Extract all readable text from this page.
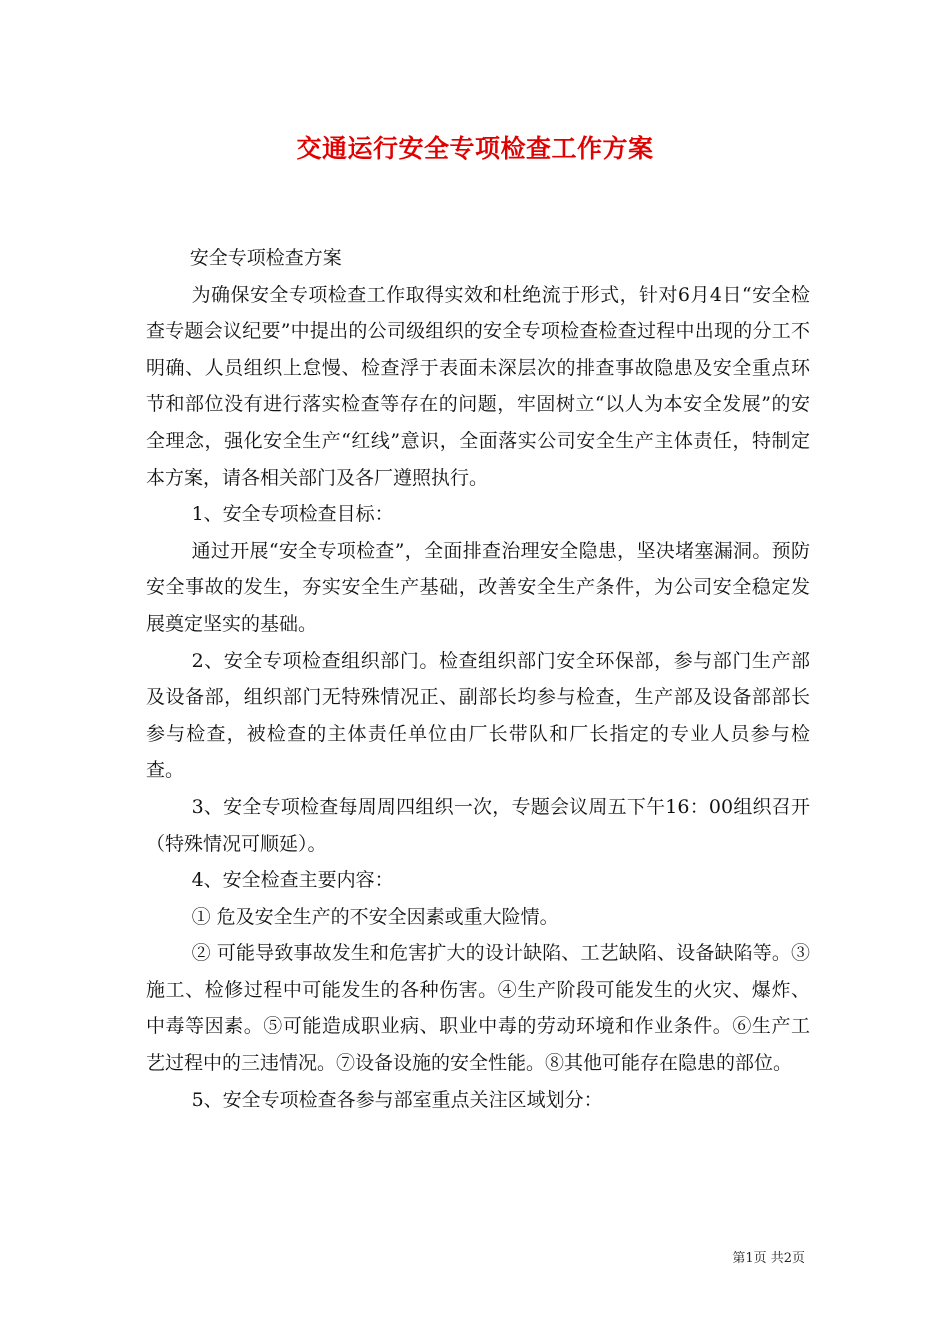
交通运行安全专项检查工作方案

安全专项检查方案

为确保安全专项检查工作取得实效和杜绝流于形式，针对6月4日“安全检查专题会议纪要”中提出的公司级组织的安全专项检查检查过程中出现的分工不明确、人员组织上怠慢、检查浮于表面未深层次的排查事故隐患及安全重点环节和部位没有进行落实检查等存在的问题，牢固树立“以人为本安全发展”的安全理念，强化安全生产“红线”意识，全面落实公司安全生产主体责任，特制定本方案，请各相关部门及各厂遵照执行。

1、安全专项检查目标：

通过开展“安全专项检查”，全面排查治理安全隐患，坚决堵塞漏洞。预防安全事故的发生，夯实安全生产基础，改善安全生产条件，为公司安全稳定发展奠定坚实的基础。

2、安全专项检查组织部门。检查组织部门安全环保部，参与部门生产部及设备部，组织部门无特殊情况正、副部长均参与检查，生产部及设备部部长参与检查，被检查的主体责任单位由厂长带队和厂长指定的专业人员参与检查。

3、安全专项检查每周周四组织一次，专题会议周五下午16：00组织召开（特殊情况可顺延）。

4、安全检查主要内容：

① 危及安全生产的不安全因素或重大险情。

② 可能导致事故发生和危害扩大的设计缺陷、工艺缺陷、设备缺陷等。③施工、检修过程中可能发生的各种伤害。④生产阶段可能发生的火灾、爆炸、中毒等因素。⑤可能造成职业病、职业中毒的劳动环境和作业条件。⑥生产工艺过程中的三违情况。⑦设备设施的安全性能。⑧其他可能存在隐患的部位。

5、安全专项检查各参与部室重点关注区域划分：

第1页 共2页
